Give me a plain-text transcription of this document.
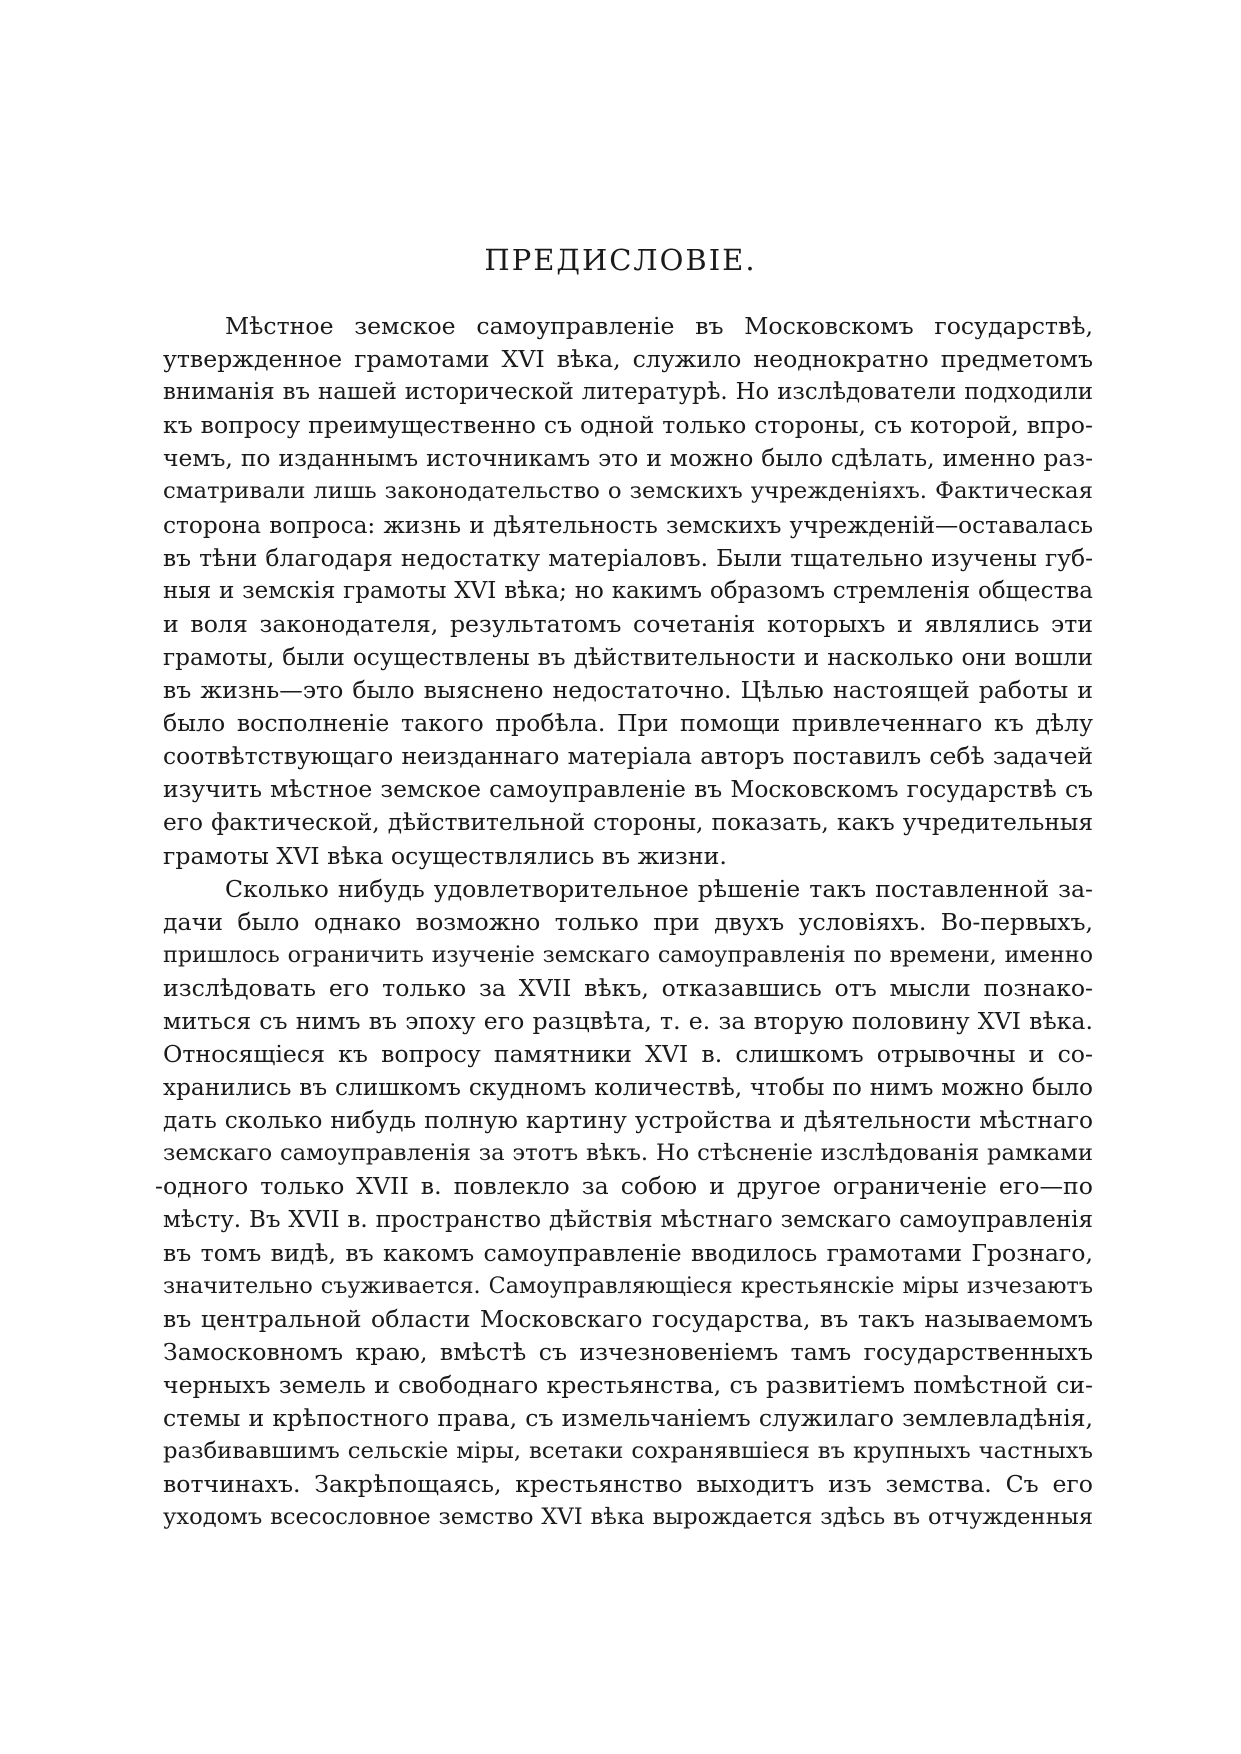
ПРЕДИСЛОВІЕ.
Мѣстное земское самоуправленіе въ Московскомъ государствѣ,
утвержденное грамотами XVI вѣка, служило неоднократно предметомъ
вниманія въ нашей исторической литературѣ. Но изслѣдователи подходили
къ вопросу преимущественно съ одной только стороны, съ которой, впро-
чемъ, по изданнымъ источникамъ это и можно было сдѣлать, именно раз-
сматривали лишь законодательство о земскихъ учрежденіяхъ. Фактическая
сторона вопроса: жизнь и дѣятельность земскихъ учрежденій—оставалась
въ тѣни благодаря недостатку матеріаловъ. Были тщательно изучены губ-
ныя и земскія грамоты XVI вѣка; но какимъ образомъ стремленія общества
и воля законодателя, результатомъ сочетанія которыхъ и являлись эти
грамоты, были осуществлены въ дѣйствительности и насколько они вошли
въ жизнь—это было выяснено недостаточно. Цѣлью настоящей работы и
было восполненіе такого пробѣла. При помощи привлеченнаго къ дѣлу
соотвѣтствующаго неизданнаго матеріала авторъ поставилъ себѣ задачей
изучить мѣстное земское самоуправленіе въ Московскомъ государствѣ съ
его фактической, дѣйствительной стороны, показать, какъ учредительныя
грамоты XVI вѣка осуществлялись въ жизни.
Сколько нибудь удовлетворительное рѣшеніе такъ поставленной за-
дачи было однако возможно только при двухъ условіяхъ. Во-первыхъ,
пришлось ограничить изученіе земскаго самоуправленія по времени, именно
изслѣдовать его только за XVII вѣкъ, отказавшись отъ мысли познако-
миться съ нимъ въ эпоху его разцвѣта, т. е. за вторую половину XVI вѣка.
Относящіеся къ вопросу памятники XVI в. слишкомъ отрывочны и со-
хранились въ слишкомъ скудномъ количествѣ, чтобы по нимъ можно было
дать сколько нибудь полную картину устройства и дѣятельности мѣстнаго
земскаго самоуправленія за этотъ вѣкъ. Но стѣсненіе изслѣдованія рамками
-одного только XVII в. повлекло за собою и другое ограниченіе его—по
мѣсту. Въ XVII в. пространство дѣйствія мѣстнаго земскаго самоуправленія
въ томъ видѣ, въ какомъ самоуправленіе вводилось грамотами Грознаго,
значительно съуживается. Самоуправляющіеся крестьянскіе міры изчезаютъ
въ центральной области Московскаго государства, въ такъ называемомъ
Замосковномъ краю, вмѣстѣ съ изчезновеніемъ тамъ государственныхъ
черныхъ земель и свободнаго крестьянства, съ развитіемъ помѣстной си-
стемы и крѣпостного права, съ измельчаніемъ служилаго землевладѣнія,
разбивавшимъ сельскіе міры, всетаки сохранявшіеся въ крупныхъ частныхъ
вотчинахъ. Закрѣпощаясь, крестьянство выходитъ изъ земства. Съ его
уходомъ всесословное земство XVI вѣка вырождается здѣсь въ отчужденныя
